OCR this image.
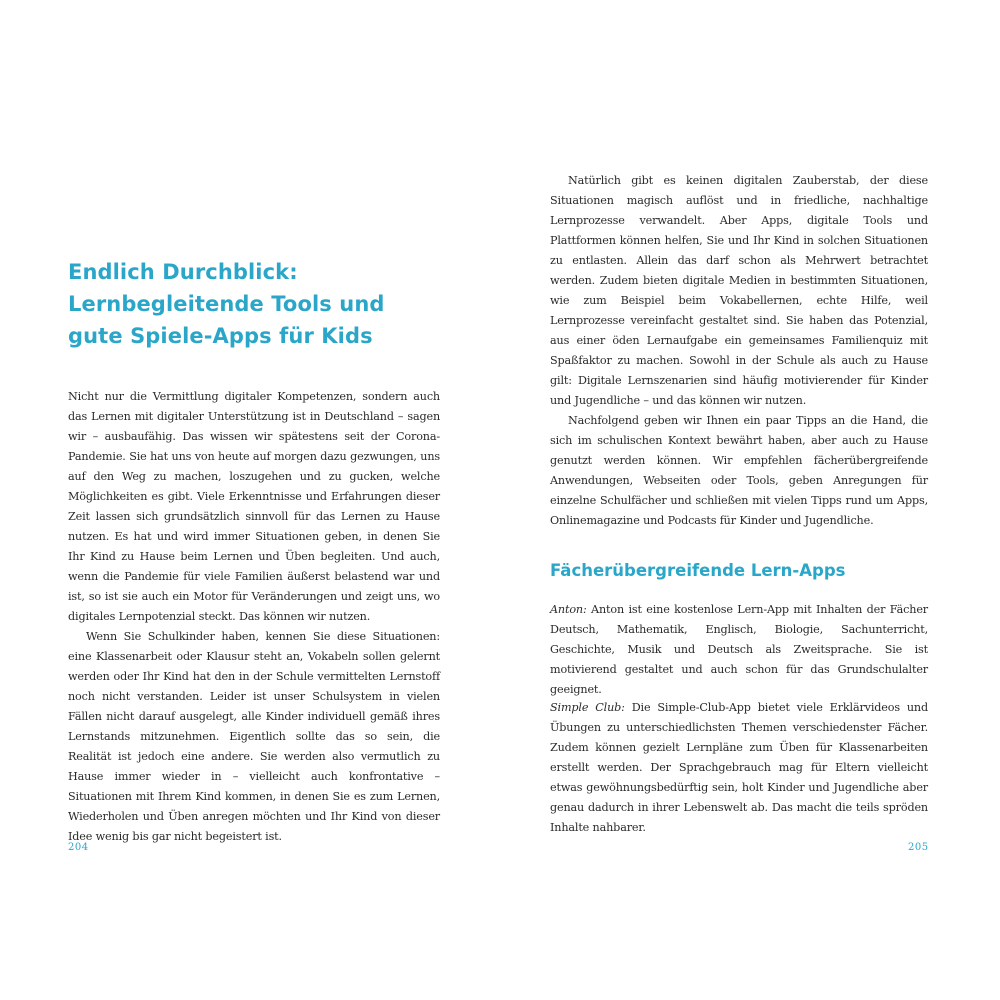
Endlich Durchblick:
Lernbegleitende Tools und
gute Spiele-Apps für Kids

Nicht nur die Vermittlung digitaler Kompetenzen, sondern auch das Lernen mit digitaler Unterstützung ist in Deutschland – sagen wir – ausbaufähig. Das wissen wir spätestens seit der Corona-Pandemie. Sie hat uns von heute auf morgen dazu gezwungen, uns auf den Weg zu machen, loszugehen und zu gucken, welche Möglichkeiten es gibt. Viele Erkenntnisse und Erfahrungen dieser Zeit lassen sich grundsätzlich sinnvoll für das Lernen zu Hause nutzen. Es hat und wird immer Situationen geben, in denen Sie Ihr Kind zu Hause beim Lernen und Üben begleiten. Und auch, wenn die Pandemie für viele Familien äußerst belastend war und ist, so ist sie auch ein Motor für Veränderungen und zeigt uns, wo digitales Lernpotenzial steckt. Das können wir nutzen.

Wenn Sie Schulkinder haben, kennen Sie diese Situationen: eine Klassenarbeit oder Klausur steht an, Vokabeln sollen gelernt werden oder Ihr Kind hat den in der Schule vermittelten Lernstoff noch nicht verstanden. Leider ist unser Schulsystem in vielen Fällen nicht darauf ausgelegt, alle Kinder individuell gemäß ihres Lernstands mitzunehmen. Eigentlich sollte das so sein, die Realität ist jedoch eine andere. Sie werden also vermutlich zu Hause immer wieder in – vielleicht auch konfrontative – Situationen mit Ihrem Kind kommen, in denen Sie es zum Lernen, Wiederholen und Üben anregen möchten und Ihr Kind von dieser Idee wenig bis gar nicht begeistert ist.

204

Natürlich gibt es keinen digitalen Zauberstab, der diese Situationen magisch auflöst und in friedliche, nachhaltige Lernprozesse verwandelt. Aber Apps, digitale Tools und Plattformen können helfen, Sie und Ihr Kind in solchen Situationen zu entlasten. Allein das darf schon als Mehrwert betrachtet werden. Zudem bieten digitale Medien in bestimmten Situationen, wie zum Beispiel beim Vokabellernen, echte Hilfe, weil Lernprozesse vereinfacht gestaltet sind. Sie haben das Potenzial, aus einer öden Lernaufgabe ein gemeinsames Familienquiz mit Spaßfaktor zu machen. Sowohl in der Schule als auch zu Hause gilt: Digitale Lernszenarien sind häufig motivierender für Kinder und Jugendliche – und das können wir nutzen.

Nachfolgend geben wir Ihnen ein paar Tipps an die Hand, die sich im schulischen Kontext bewährt haben, aber auch zu Hause genutzt werden können. Wir empfehlen fächerübergreifende Anwendungen, Webseiten oder Tools, geben Anregungen für einzelne Schulfächer und schließen mit vielen Tipps rund um Apps, Onlinemagazine und Podcasts für Kinder und Jugendliche.

Fächerübergreifende Lern-Apps

Anton: Anton ist eine kostenlose Lern-App mit Inhalten der Fächer Deutsch, Mathematik, Englisch, Biologie, Sachunterricht, Geschichte, Musik und Deutsch als Zweitsprache. Sie ist motivierend gestaltet und auch schon für das Grundschulalter geeignet.

Simple Club: Die Simple-Club-App bietet viele Erklärvideos und Übungen zu unterschiedlichsten Themen verschiedenster Fächer. Zudem können gezielt Lernpläne zum Üben für Klassenarbeiten erstellt werden. Der Sprachgebrauch mag für Eltern vielleicht etwas gewöhnungsbedürftig sein, holt Kinder und Jugendliche aber genau dadurch in ihrer Lebenswelt ab. Das macht die teils spröden Inhalte nahbarer.

205
